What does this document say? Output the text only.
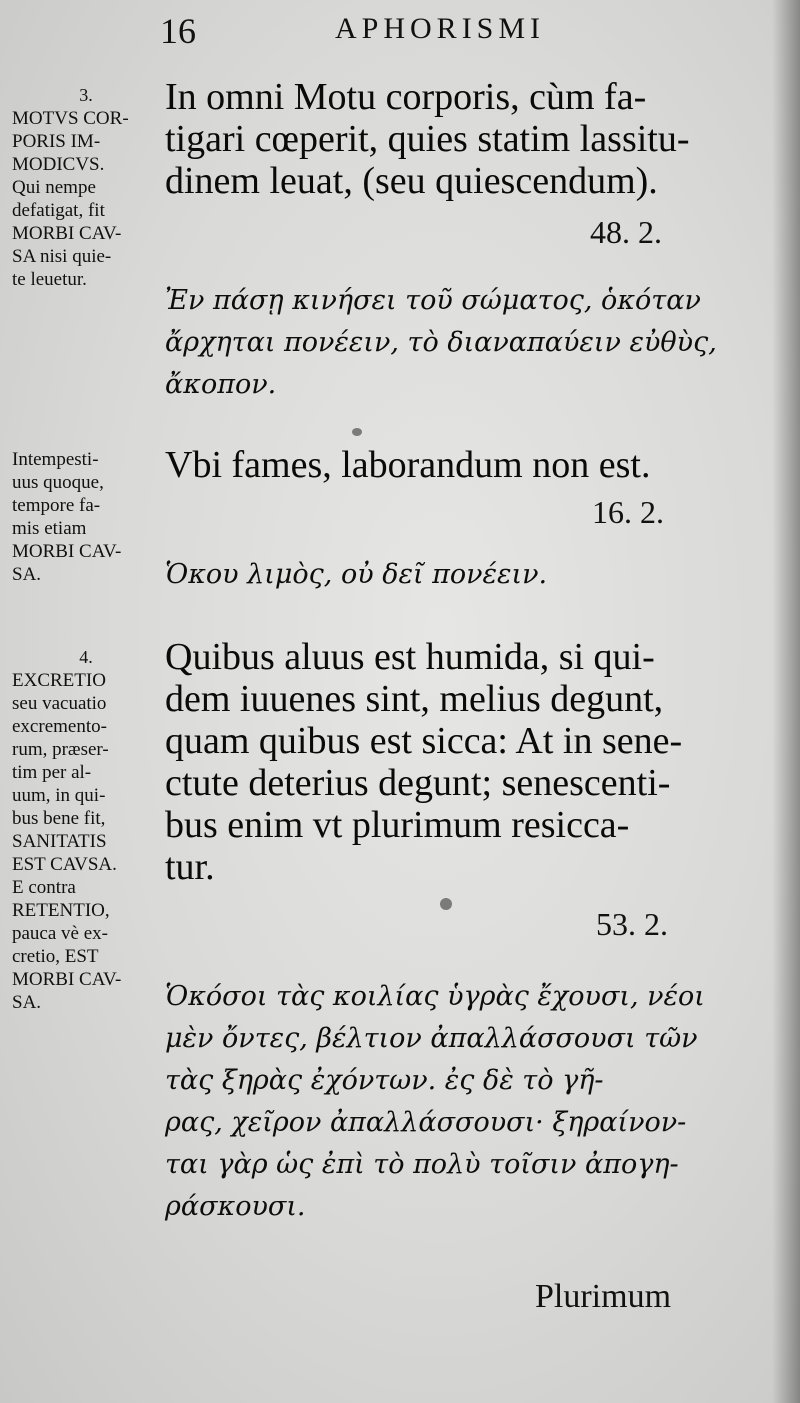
16	APHORISMI
3.
MOTVS COR-
PORIS IM-
MODICVS.
Qui nempe
defatigat, fit
MORBI CAV-
SA nisi quie-
te leuetur.
In omni Motu corporis, cùm fa-
tigari cœperit, quies statim lassitu-
dinem leuat, (seu quiescendum).
48. 2.
Ἐν πάσῃ κινήσει τοῦ σώματος, ὁκόταν
ἄρχηται πονέειν, τὸ διαναπαύειν εὐθὺς,
ἄκοπον.
Intempesti-
uus quoque,
tempore fa-
mis etiam
MORBI CAV-
SA.
Vbi fames, laborandum non est.
16. 2.
Ὁκου λιμὸς, οὐ δεῖ πονέειν.
4.
EXCRETIO
seu vacuatio
excremento-
rum, præser-
tim per al-
uum, in qui-
bus bene fit,
SANITATIS
EST CAVSA.
E contra
RETENTIO,
pauca vè ex-
cretio, EST
MORBI CAV-
SA.
Quibus aluus est humida, si qui-
dem iuuenes sint, melius degunt,
quam quibus est sicca: At in sene-
ctute deterius degunt; senescenti-
bus enim vt plurimum resicca-
tur.
53. 2.
Ὁκόσοι τὰς κοιλίας ὑγρὰς ἔχουσι, νέοι
μὲν ὄντες, βέλτιον ἀπαλλάσσουσι τῶν
τὰς ξηρὰς ἐχόντων. ἐς δὲ τὸ γῆ-
ρας, χεῖρον ἀπαλλάσσουσι· ξηραίνον-
ται γὰρ ὡς ἐπὶ τὸ πολὺ τοῖσιν ἀπογη-
ράσκουσι.
Plurimum
